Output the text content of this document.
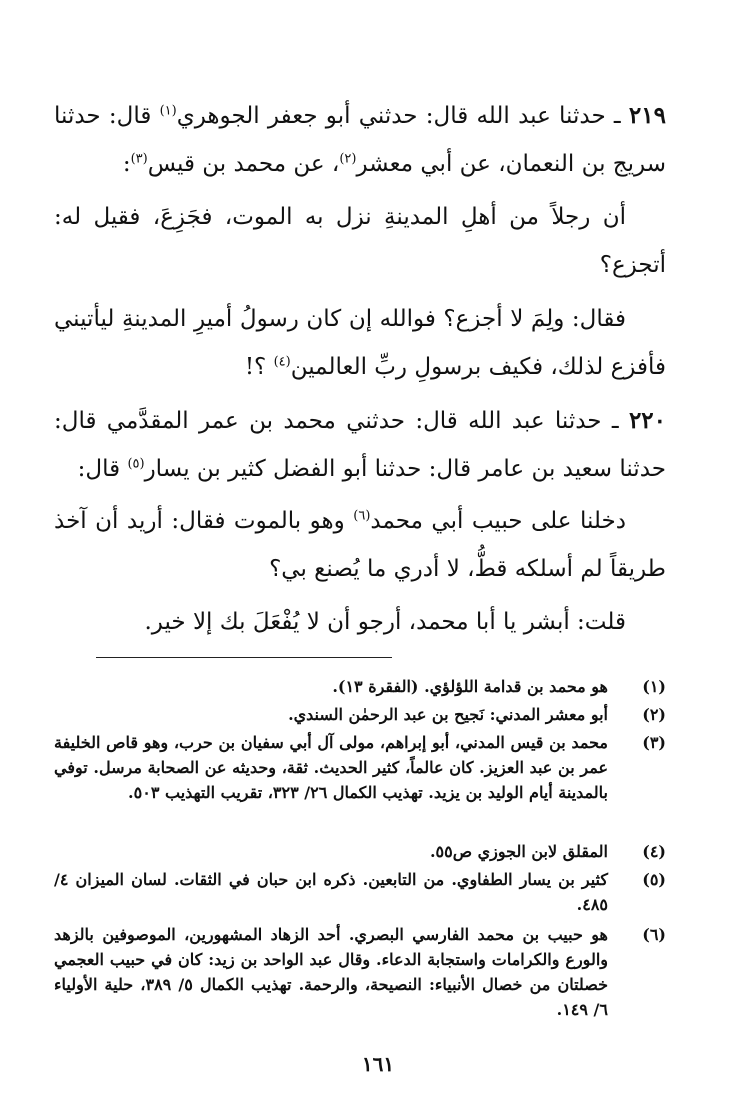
٢١٩ ـ حدثنا عبد الله قال: حدثني أبو جعفر الجوهري$^{(١)}$ قال: حدثنا سريج بن النعمان، عن أبي معشر$^{(٢)}$، عن محمد بن قيس$^{(٣)}$:
أن رجلاً من أهلِ المدينةِ نزل به الموت، فجَزِعَ، فقيل له: أتجزع؟
فقال: ولِمَ لا أجزع؟ فوالله إن كان رسولُ أميرِ المدينةِ ليأتيني فأفزع لذلك، فكيف برسولِ ربِّ العالمين$^{(٤)}$ ؟!
٢٢٠ ـ حدثنا عبد الله قال: حدثني محمد بن عمر المقدَّمي قال: حدثنا سعيد بن عامر قال: حدثنا أبو الفضل كثير بن يسار$^{(٥)}$ قال:
دخلنا على حبيب أبي محمد$^{(٦)}$ وهو بالموت فقال: أريد أن آخذ طريقاً لم أسلكه قطُّ، لا أدري ما يُصنع بي؟
قلت: أبشر يا أبا محمد، أرجو أن لا يُفْعَلَ بك إلا خير.
(١)
هو محمد بن قدامة اللؤلؤي. (الفقرة ١٣).
(٢)
أبو معشر المدني: نَجيح بن عبد الرحمٰن السندي.
(٣)
محمد بن قيس المدني، أبو إبراهم، مولى آل أبي سفيان بن حرب، وهو قاص الخليفة عمر بن عبد العزيز. كان عالماً، كثير الحديث. ثقة، وحديثه عن الصحابة مرسل. توفي بالمدينة أيام الوليد بن يزيد. تهذيب الكمال ٢٦/ ٣٢٣، تقريب التهذيب ٥٠٣.
(٤)
المقلق لابن الجوزي ص٥٥.
(٥)
كثير بن يسار الطفاوي. من التابعين. ذكره ابن حبان في الثقات. لسان الميزان ٤/ ٤٨٥.
(٦)
هو حبيب بن محمد الفارسي البصري. أحد الزهاد المشهورين، الموصوفين بالزهد والورع والكرامات واستجابة الدعاء. وقال عبد الواحد بن زيد: كان في حبيب العجمي خصلتان من خصال الأنبياء: النصيحة، والرحمة. تهذيب الكمال ٥/ ٣٨٩، حلية الأولياء ٦/ ١٤٩.
١٦١
